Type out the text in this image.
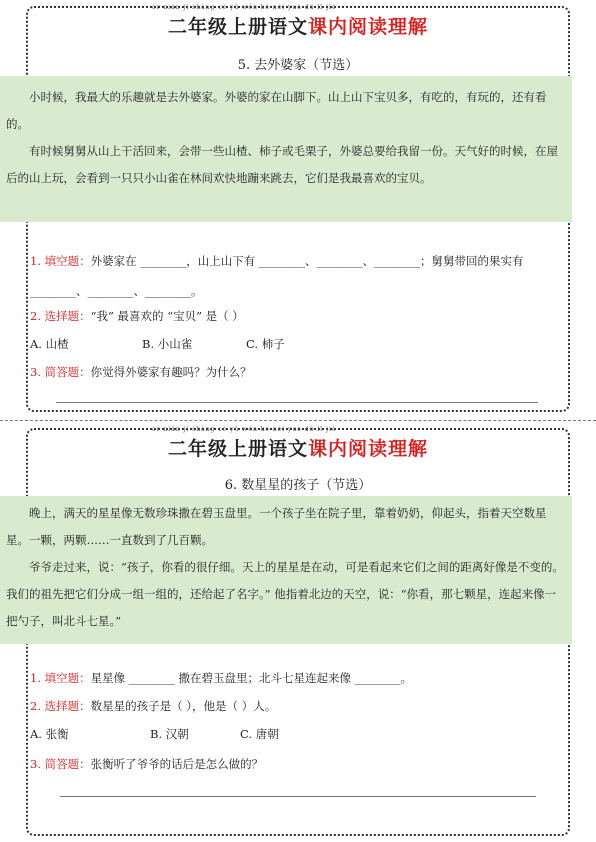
èr nián jí shàng cè yǔ wén kè nèi yuè dú lǐ jiě
二年级上册语文课内阅读理解
5. 去外婆家（节选）

小时候，我最大的乐趣就是去外婆家。外婆的家在山脚下。山上山下宝贝多，有吃的，有玩的，还有看的。

有时候舅舅从山上干活回来，会带一些山楂、柿子或毛栗子，外婆总要给我留一份。天气好的时候，在屋后的山上玩，会看到一只只小山雀在林间欢快地蹦来跳去，它们是我最喜欢的宝贝。

1. 填空题：外婆家在 ________，山上山下有 ________、________、________；舅舅带回的果实有 ________、________、________。
2. 选择题：“我” 最喜欢的 “宝贝” 是（ ）
A. 山楂	B. 小山雀	C. 柿子
3. 简答题：你觉得外婆家有趣吗？为什么？
èr nián jí shàng cè yǔ wén kè nèi yuè dú lǐ jiě
二年级上册语文课内阅读理解
6. 数星星的孩子（节选）

晚上，满天的星星像无数珍珠撒在碧玉盘里。一个孩子坐在院子里，靠着奶奶，仰起头，指着天空数星星。一颗，两颗……一直数到了几百颗。

爷爷走过来，说：“孩子，你看的很仔细。天上的星星是在动，可是看起来它们之间的距离好像是不变的。我们的祖先把它们分成一组一组的，还给起了名字。” 他指着北边的天空，说：“你看，那七颗星，连起来像一把勺子，叫北斗七星。”

1. 填空题：星星像 ________ 撒在碧玉盘里；北斗七星连起来像 ________。
2. 选择题：数星星的孩子是（ ），他是（ ）人。
A. 张衡	B. 汉朝	C. 唐朝
3. 简答题：张衡听了爷爷的话后是怎么做的？
